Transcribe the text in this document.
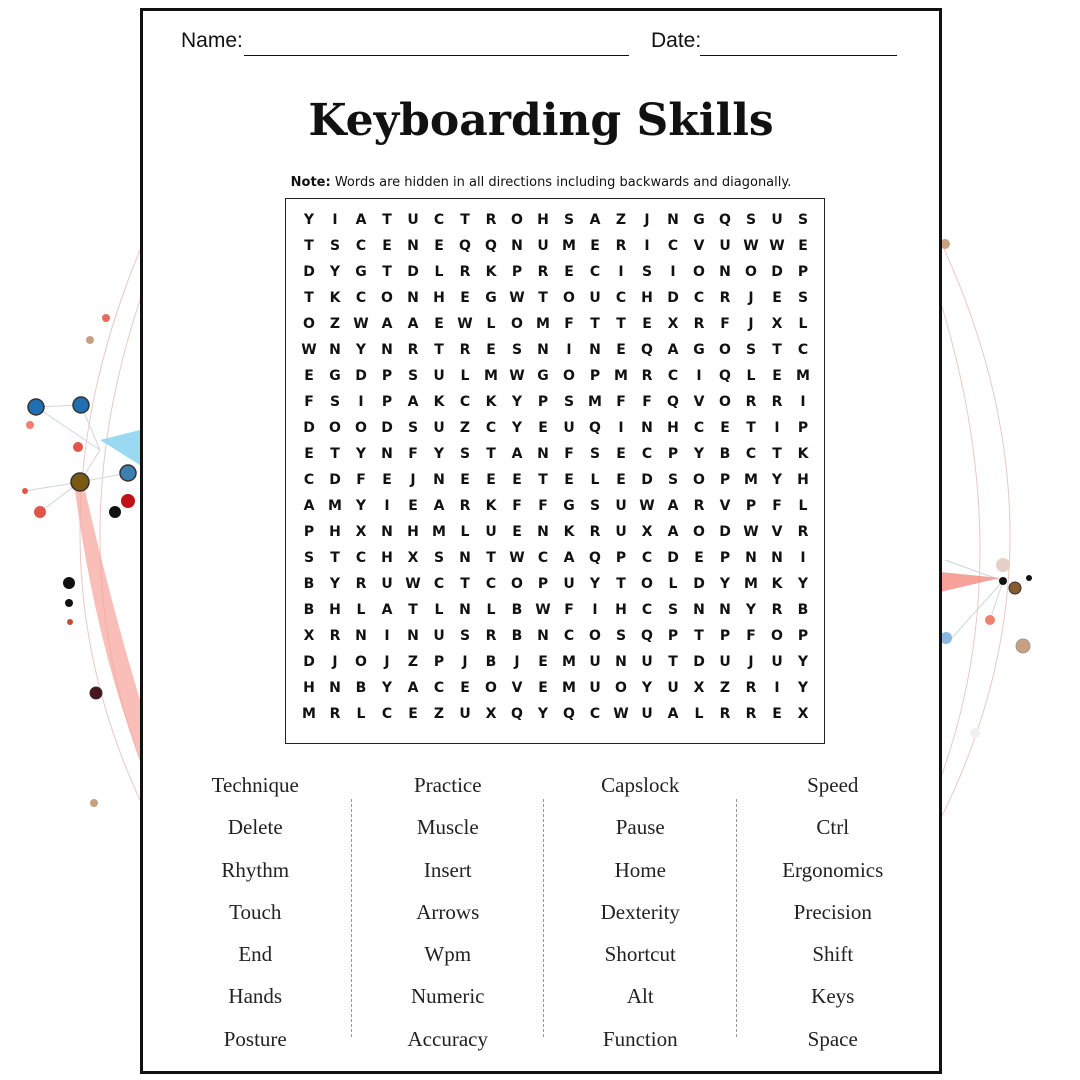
Name:	Date:
Keyboarding Skills
Note: Words are hidden in all directions including backwards and diagonally.
Y	I	A	T	U	C	T	R	O	H	S	A	Z	J	N	G	Q	S	U	S
T	S	C	E	N	E	Q	Q	N	U M	E	R	I	C	V	U W W E
D	Y	G	T	D	L	R	K	P	R	E	C	I	S	I	O	N	O	D	P
T	K	C	O	N	H	E	G W T	O	U	C	H	D	C	R	J	E	S
O	Z W A	A	E W L	O M	F	T	T	E	X	R	F	J	X	L
W N	Y	N	R	T	R	E	S	N	I	N	E	Q	A	G	O	S	T	C
E	G	D	P	S	U	L	M W G	O	P M R	C	I	Q	L	E	M
F	S	I	P	A	K	C	K	Y	P	S M	F	F	Q	V	O	R	R	I
D	O	O	D	S	U	Z	C	Y	E	U	Q	I	N	H	C	E	T	I	P
E	T	Y	N	F	Y	S	T	A	N	F	S	E	C	P	Y	B	C	T	K
C	D	F	E	J	N	E	E	E	T	E	L	E	D	S	O	P M Y	H
A M Y	I	E	A	R	K	F	F	G	S	U W A	R	V	P	F	L
P	H	X	N	H M	L	U	E	N	K	R	U	X	A	O	D W V	R
S	T	C	H	X	S	N	T W C	A	Q	P	C	D	E	P	N	N	I
B	Y	R	U W C	T	C	O	P	U	Y	T	O	L	D	Y M K	Y
B	H	L	A	T	L	N	L	B W F	I	H	C	S	N	N	Y	R	B
X	R	N	I	N	U	S	R	B	N	C	O	S	Q	P	T	P	F	O	P
D	J	O	J	Z	P	J	B	J	E	M U	N	U	T	D	U	J	U	Y
H	N	B	Y	A	C	E	O	V	E	M U	O	Y	U	X	Z	R	I	Y
M R	L	C	E	Z	U	X	Q	Y	Q	C W U	A	L	R	R	E	X
Technique
Delete
Rhythm
Touch
End
Hands
Posture
Practice
Muscle
Insert
Arrows
Wpm
Numeric
Accuracy
Capslock
Pause
Home
Dexterity
Shortcut
Alt
Function
Speed
Ctrl
Ergonomics
Precision
Shift
Keys
Space
